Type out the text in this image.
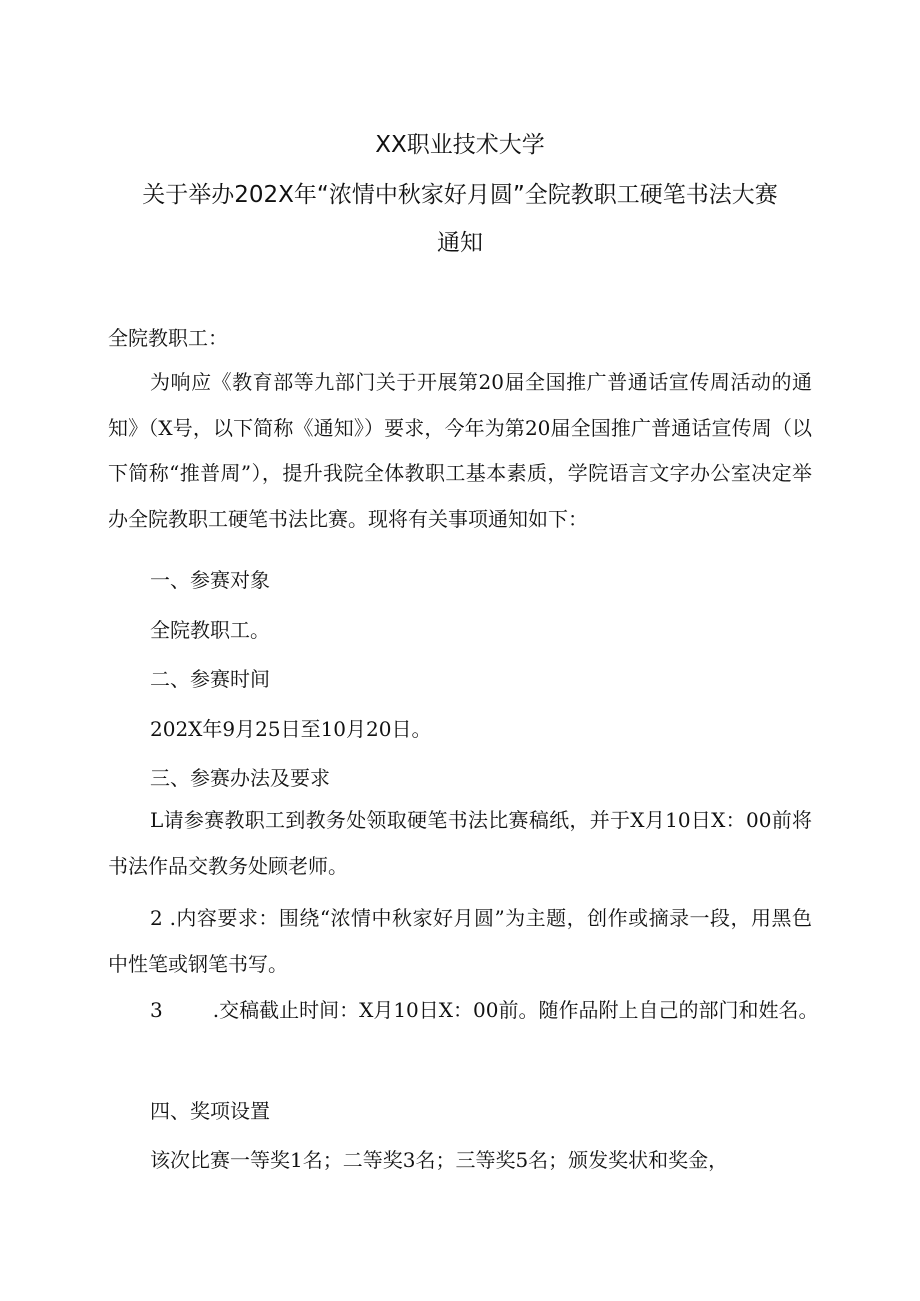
XX职业技术大学
关于举办202X年“浓情中秋家好月圆”全院教职工硬笔书法大赛
通知
全院教职工：
为响应《教育部等九部门关于开展第20届全国推广普通话宣传周活动的通知》（X号，以下简称《通知》）要求，今年为第20届全国推广普通话宣传周（以下简称“推普周”），提升我院全体教职工基本素质，学院语言文字办公室决定举办全院教职工硬笔书法比赛。现将有关事项通知如下：
一、参赛对象
全院教职工。
二、参赛时间
202X年9月25日至10月20日。
三、参赛办法及要求
L请参赛教职工到教务处领取硬笔书法比赛稿纸，并于X月10日X：00前将书法作品交教务处顾老师。
2 .内容要求：围绕“浓情中秋家好月圆”为主题，创作或摘录一段，用黑色中性笔或钢笔书写。
3	.交稿截止时间：X月10日X：00前。随作品附上自己的部门和姓名。
四、奖项设置
该次比赛一等奖1名；二等奖3名；三等奖5名；颁发奖状和奖金，
